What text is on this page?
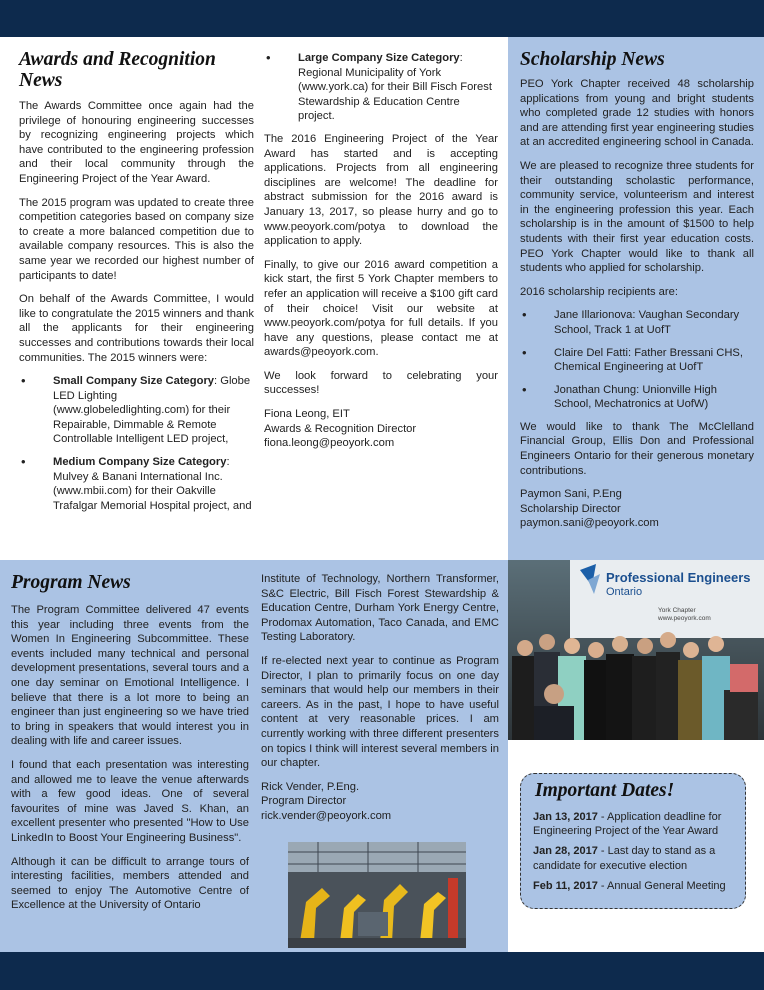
Awards and Recognition News

The Awards Committee once again had the privilege of honouring engineering successes by recognizing engineering projects which have contributed to the engineering profession and their local community through the Engineering Project of the Year Award.

The 2015 program was updated to create three competition categories based on company size to create a more balanced competition due to available company resources. This is also the same year we recorded our highest number of participants to date!

On behalf of the Awards Committee, I would like to congratulate the 2015 winners and thank all the applicants for their engineering successes and contributions towards their local communities. The 2015 winners were:

• Small Company Size Category: Globe LED Lighting (www.globeledlighting.com) for their Repairable, Dimmable & Remote Controllable Intelligent LED project,
• Medium Company Size Category: Mulvey & Banani International Inc. (www.mbii.com) for their Oakville Trafalgar Memorial Hospital project, and
• Large Company Size Category: Regional Municipality of York (www.york.ca) for their Bill Fisch Forest Stewardship & Education Centre project.

The 2016 Engineering Project of the Year Award has started and is accepting applications. Projects from all engineering disciplines are welcome! The deadline for abstract submission for the 2016 award is January 13, 2017, so please hurry and go to www.peoyork.com/potya to download the application to apply.

Finally, to give our 2016 award competition a kick start, the first 5 York Chapter members to refer an application will receive a $100 gift card of their choice! Visit our website at www.peoyork.com/potya for full details. If you have any questions, please contact me at awards@peoyork.com.

We look forward to celebrating your successes!

Fiona Leong, EIT

Awards & Recognition Director

fiona.leong@peoyork.com

Scholarship News

PEO York Chapter received 48 scholarship applications from young and bright students who completed grade 12 studies with honors and are attending first year engineering studies at an accredited engineering school in Canada.

We are pleased to recognize three students for their outstanding scholastic performance, community service, volunteerism and interest in the engineering profession this year. Each scholarship is in the amount of $1500 to help students with their first year education costs. PEO York Chapter would like to thank all students who applied for scholarship.

2016 scholarship recipients are:

• Jane Illarionova: Vaughan Secondary School, Track 1 at UofT
• Claire Del Fatti: Father Bressani CHS, Chemical Engineering at UofT
• Jonathan Chung: Unionville High School, Mechatronics at UofW)

We would like to thank The McClelland Financial Group, Ellis Don and Professional Engineers Ontario for their generous monetary contributions.

Paymon Sani, P.Eng

Scholarship Director

paymon.sani@peoyork.com

Program News

The Program Committee delivered 47 events this year including three events from the Women In Engineering Subcommittee. These events included many technical and personal development presentations, several tours and a one day seminar on Emotional Intelligence. I believe that there is a lot more to being an engineer than just engineering so we have tried to bring in speakers that would interest you in dealing with life and career issues.

I found that each presentation was interesting and allowed me to leave the venue afterwards with a few good ideas. One of several favourites of mine was Javed S. Khan, an excellent presenter who presented "How to Use LinkedIn to Boost Your Engineering Business".

Although it can be difficult to arrange tours of interesting facilities, members attended and seemed to enjoy The Automotive Centre of Excellence at the University of Ontario

Institute of Technology, Northern Transformer, S&C Electric, Bill Fisch Forest Stewardship & Education Centre, Durham York Energy Centre, Prodomax Automation, Taco Canada, and EMC Testing Laboratory.

If re-elected next year to continue as Program Director, I plan to primarily focus on one day seminars that would help our members in their careers. As in the past, I hope to have useful content at very reasonable prices. I am currently working with three different presenters on topics I think will interest several members in our chapter.

Rick Vender, P.Eng.

Program Director

rick.vender@peoyork.com

Professional Engineers
Ontario
York Chapter
www.peoyork.com
Important Dates!

Jan 13, 2017 - Application deadline for Engineering Project of the Year Award

Jan 28, 2017 - Last day to stand as a candidate for executive election

Feb 11, 2017 - Annual General Meeting
